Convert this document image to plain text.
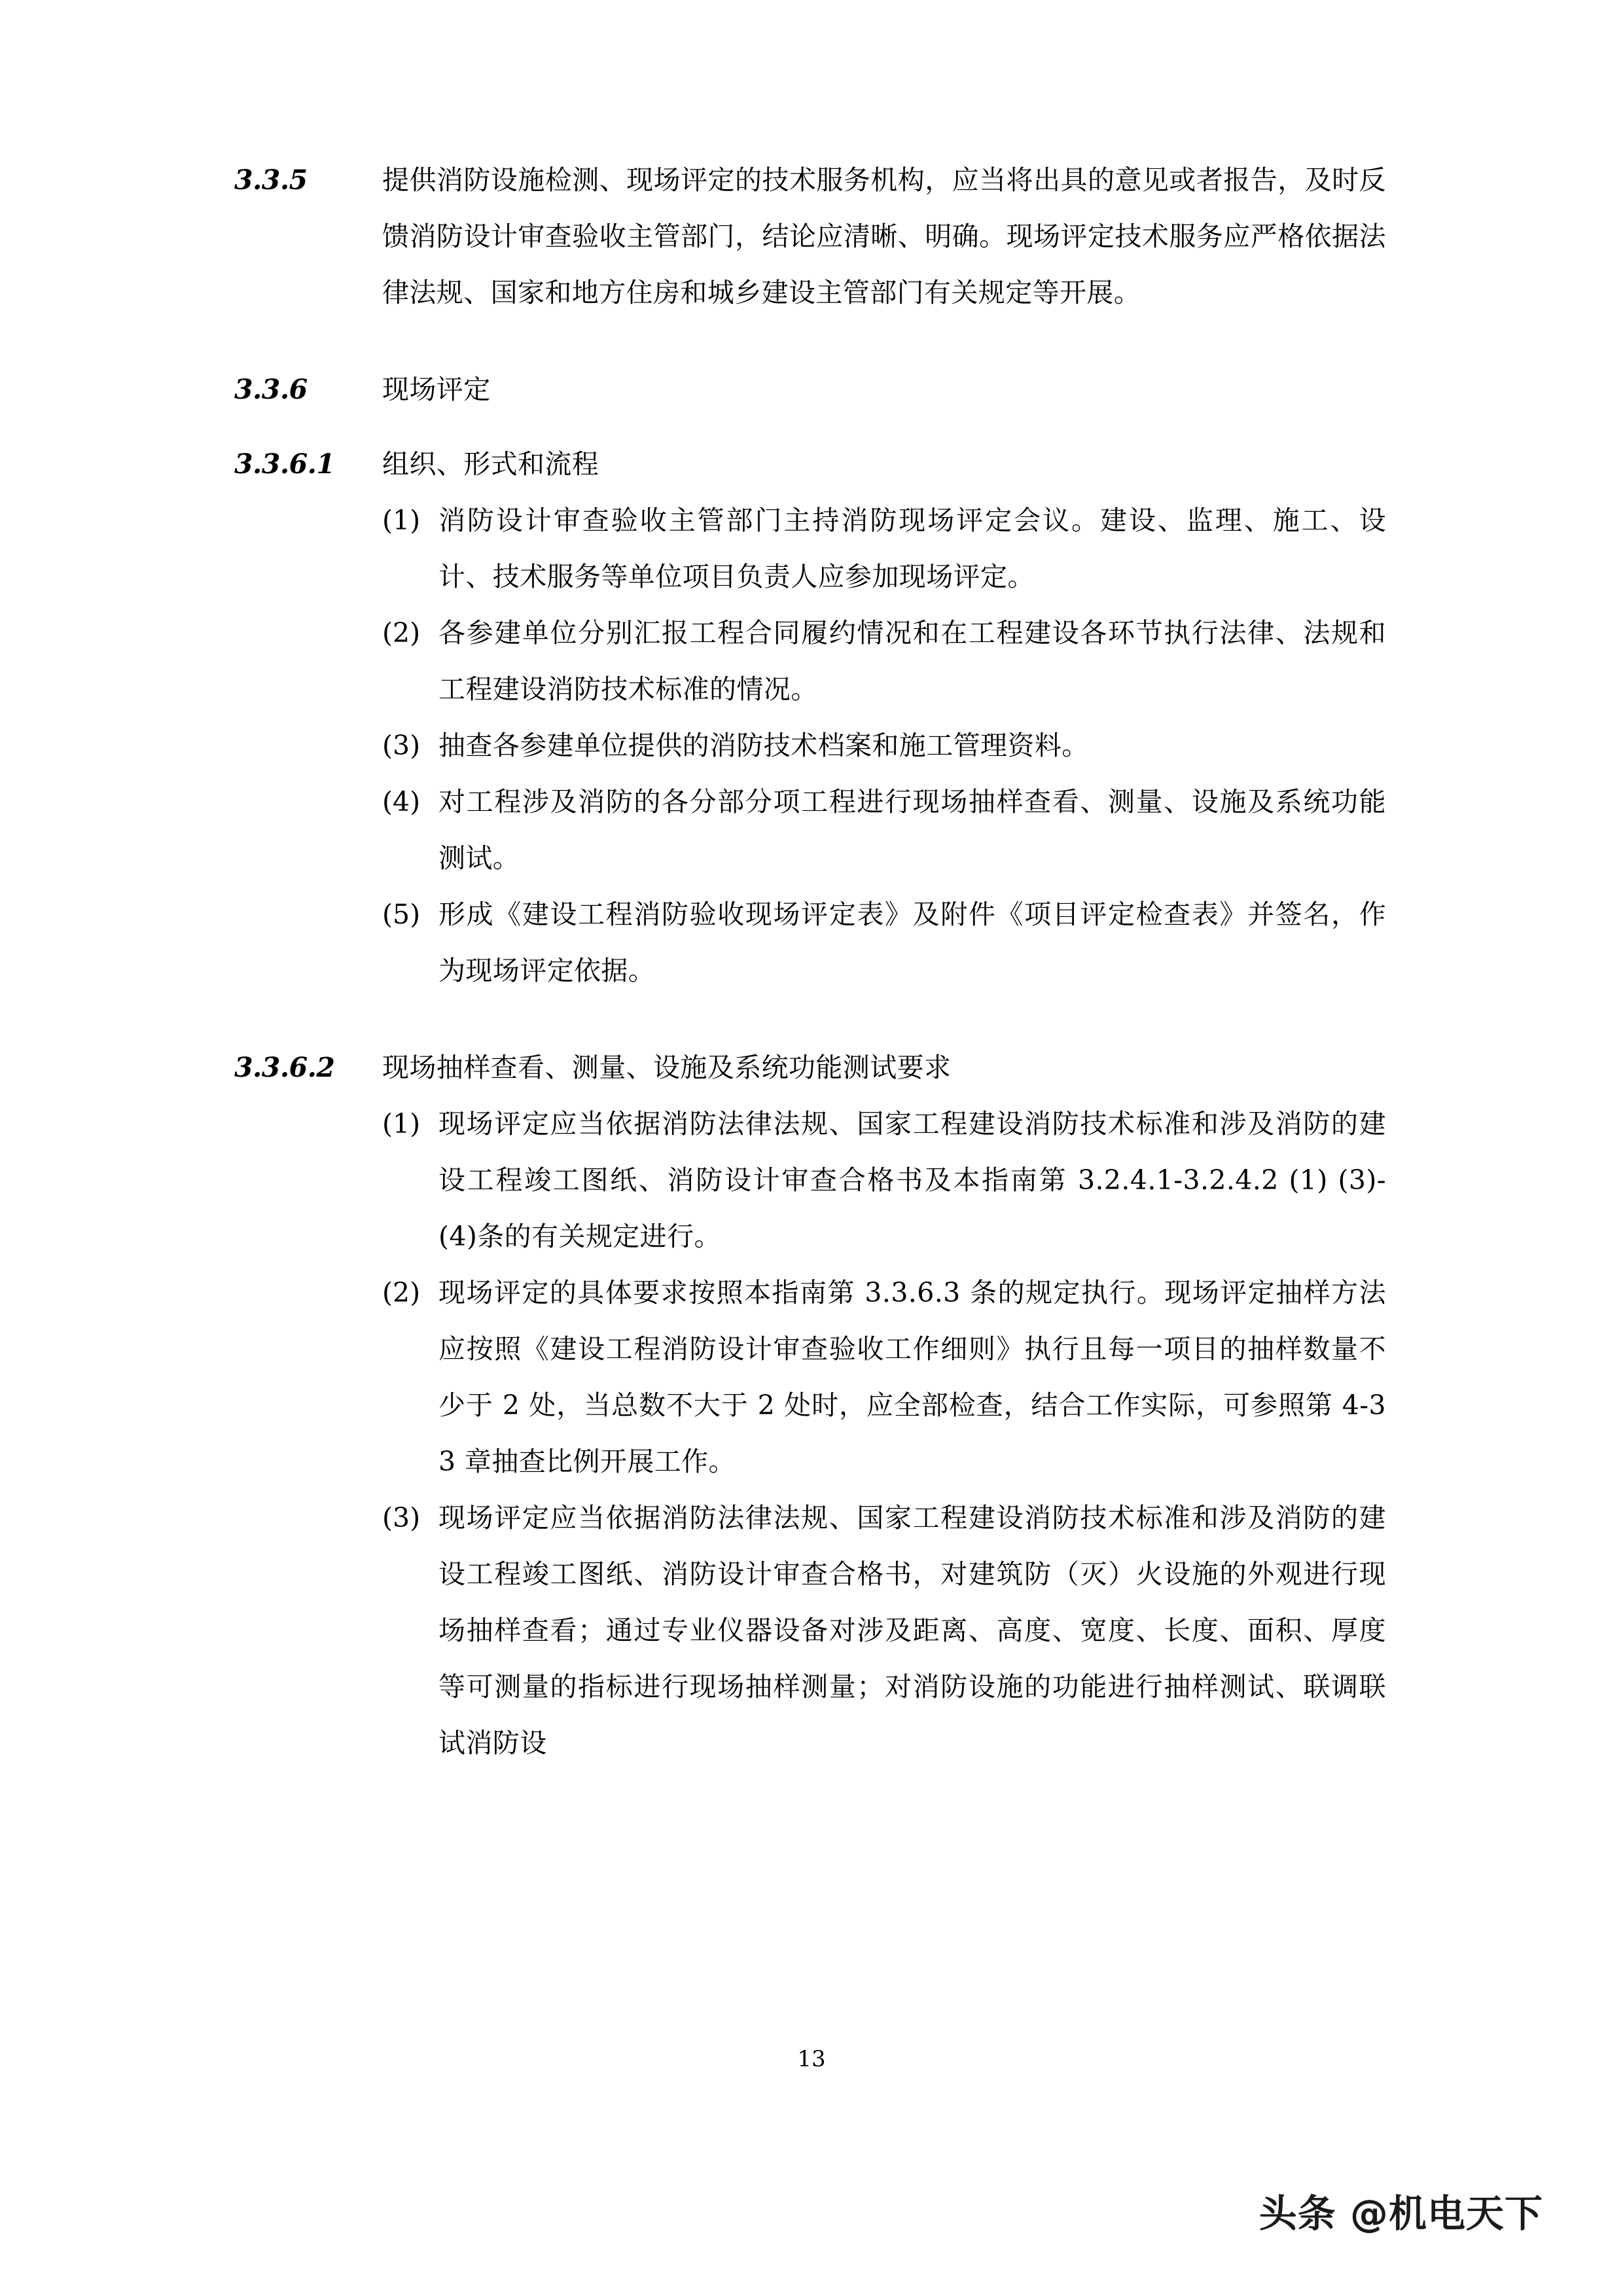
3.3.5	提供消防设施检测、现场评定的技术服务机构，应当将出具的意见或者报告，及时反馈消防设计审查验收主管部门，结论应清晰、明确。现场评定技术服务应严格依据法律法规、国家和地方住房和城乡建设主管部门有关规定等开展。
3.3.6	现场评定
3.3.6.1	组织、形式和流程
(1) 消防设计审查验收主管部门主持消防现场评定会议。建设、监理、施工、设计、技术服务等单位项目负责人应参加现场评定。
(2) 各参建单位分别汇报工程合同履约情况和在工程建设各环节执行法律、法规和工程建设消防技术标准的情况。
(3) 抽查各参建单位提供的消防技术档案和施工管理资料。
(4) 对工程涉及消防的各分部分项工程进行现场抽样查看、测量、设施及系统功能测试。
(5) 形成《建设工程消防验收现场评定表》及附件《项目评定检查表》并签名，作为现场评定依据。
3.3.6.2	现场抽样查看、测量、设施及系统功能测试要求
(1) 现场评定应当依据消防法律法规、国家工程建设消防技术标准和涉及消防的建设工程竣工图纸、消防设计审查合格书及本指南第 3.2.4.1-3.2.4.2 (1) (3)-(4)条的有关规定进行。
(2) 现场评定的具体要求按照本指南第 3.3.6.3 条的规定执行。现场评定抽样方法应按照《建设工程消防设计审查验收工作细则》执行且每一项目的抽样数量不少于 2 处，当总数不大于 2 处时，应全部检查，结合工作实际，可参照第 4-33 章抽查比例开展工作。
(3) 现场评定应当依据消防法律法规、国家工程建设消防技术标准和涉及消防的建设工程竣工图纸、消防设计审查合格书，对建筑防（灭）火设施的外观进行现场抽样查看；通过专业仪器设备对涉及距离、高度、宽度、长度、面积、厚度等可测量的指标进行现场抽样测量；对消防设施的功能进行抽样测试、联调联试消防设
13
头条 @机电天下
